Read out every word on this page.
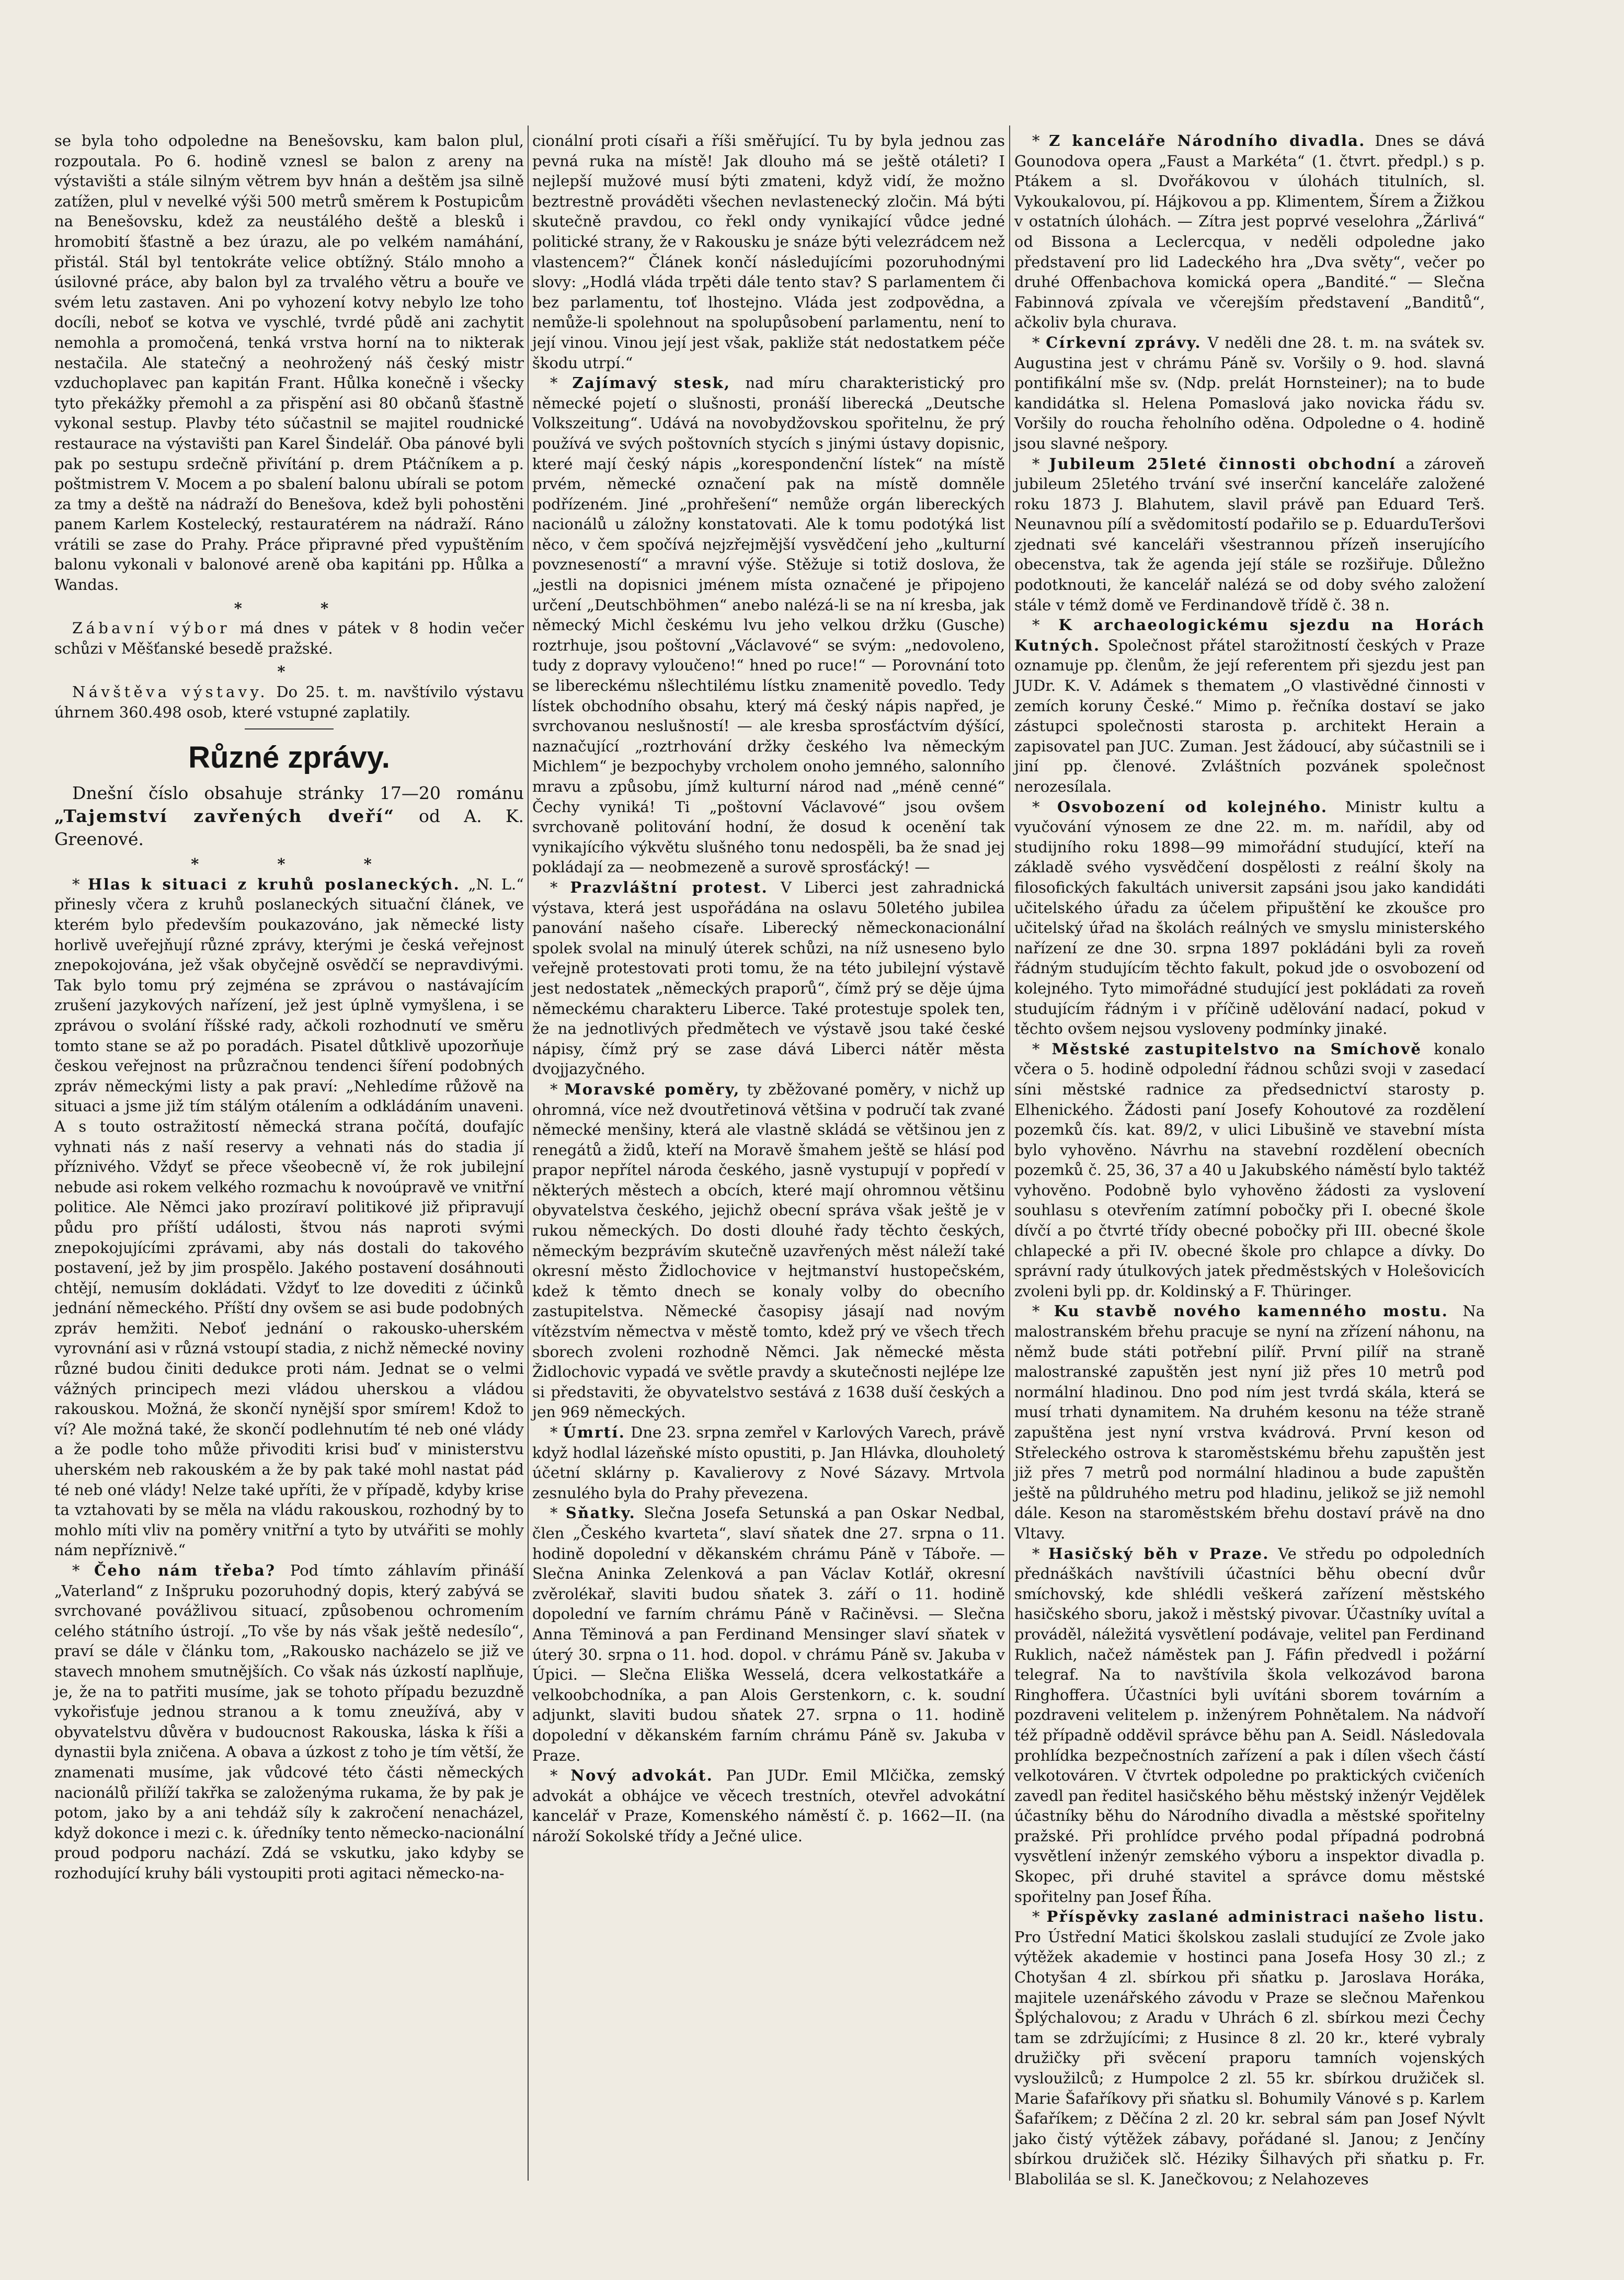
se byla toho odpoledne na Benešovsku, kam balon plul, rozpoutala. Po 6. hodině vznesl se balon z areny na výstavišti a stále silným větrem byv hnán a deštěm jsa silně zatížen, plul v nevelké výši 500 metrů směrem k Postupicům na Benešovsku, kdež za neustálého deště a blesků i hromobití šťastně a bez úrazu, ale po velkém namáhání, přistál. Stál byl tentokráte velice obtížný. Stálo mnoho a úsilovné práce, aby balon byl za trvalého větru a bouře ve svém letu zastaven. Ani po vyhození kotvy nebylo lze toho docíli, neboť se kotva ve vyschlé, tvrdé půdě ani zachytit nemohla a promočená, tenká vrstva horní na to nikterak nestačila. Ale statečný a neohrožený náš český mistr vzduchoplavec pan kapitán Frant. Hůlka konečně i všecky tyto překážky přemohl a za přispění asi 80 občanů šťastně vykonal sestup. Plavby této súčastnil se majitel roudnické restaurace na výstavišti pan Karel Šindelář. Oba pánové byli pak po sestupu srdečně přivítání p. drem Ptáčníkem a p. poštmistrem V. Mocem a po sbalení balonu ubírali se potom za tmy a deště na nádraží do Benešova, kdež byli pohostěni panem Karlem Kostelecký, restauratérem na nádraží. Ráno vrátili se zase do Prahy. Práce připravné před vypuštěním balonu vykonali v balonové areně oba kapitáni pp. Hůlka a Wandas.

* *

Zábavní výbor má dnes v pátek v 8 hodin večer schůzi v Měšťanské besedě pražské.

*

Návštěva výstavy. Do 25. t. m. navštívilo výstavu úhrnem 360.498 osob, které vstupné zaplatily.

Různé zprávy.

Dnešní číslo obsahuje stránky 17—20 románu „Tajemství zavřených dveří“ od A. K. Greenové.

* * *

* Hlas k situaci z kruhů poslaneckých. „N. L.“ přinesly včera z kruhů poslaneckých situační článek, ve kterém bylo především poukazováno, jak německé listy horlivě uveřejňují různé zprávy, kterými je česká veřejnost znepokojována, jež však obyčejně osvědčí se nepravdivými. Tak bylo tomu prý zejména se zprávou o nastávajícím zrušení jazykových nařízení, jež jest úplně vymyšlena, i se zprávou o svolání říšské rady, ačkoli rozhodnutí ve směru tomto stane se až po poradách. Pisatel důtklivě upozorňuje českou veřejnost na průzračnou tendenci šíření podobných zpráv německými listy a pak praví: „Nehledíme růžově na situaci a jsme již tím stálým otálením a odkládáním unaveni. A s touto ostražitostí německá strana počítá, doufajíc vyhnati nás z naší reservy a vehnati nás do stadia jí příznivého. Vždyť se přece všeobecně ví, že rok jubilejní nebude asi rokem velkého rozmachu k novoúpravě ve vnitřní politice. Ale Němci jako prozíraví politikové již připravují půdu pro příští události, štvou nás naproti svými znepokojujícími zprávami, aby nás dostali do takového postavení, jež by jim prospělo. Jakého postavení dosáhnouti chtějí, nemusím dokládati. Vždyť to lze dovediti z účinků jednání německého. Příští dny ovšem se asi bude podobných zpráv hemžiti. Neboť jednání o rakousko-uherském vyrovnání asi v různá vstoupí stadia, z nichž německé noviny různé budou činiti dedukce proti nám. Jednat se o velmi vážných principech mezi vládou uherskou a vládou rakouskou. Možná, že skončí nynější spor smírem! Kdož to ví? Ale možná také, že skončí podlehnutím té neb oné vlády a že podle toho může přivoditi krisi buď v ministerstvu uherském neb rakouském a že by pak také mohl nastat pád té neb oné vlády! Nelze také upříti, že v případě, kdyby krise ta vztahovati by se měla na vládu rakouskou, rozhodný by to mohlo míti vliv na poměry vnitřní a tyto by utvářiti se mohly nám nepříznivě.“

* Čeho nám třeba? Pod tímto záhlavím přináší „Vaterland“ z Inšpruku pozoruhodný dopis, který zabývá se svrchované povážlivou situací, způsobenou ochromením celého státního ústrojí. „To vše by nás však ještě nedesílo“, praví se dále v článku tom, „Rakousko nacházelo se již ve stavech mnohem smutnějších. Co však nás úzkostí naplňuje, je, že na to patřiti musíme, jak se tohoto případu bezuzdně vykořisťuje jednou stranou a k tomu zneužívá, aby v obyvatelstvu důvěra v budoucnost Rakouska, láska k říši a dynastii byla zničena. A obava a úzkost z toho je tím větší, že znamenati musíme, jak vůdcové této části německých nacionálů přilíží takřka se založenýma rukama, že by pak je potom, jako by a ani tehdáž síly k zakročení nenacházel, když dokonce i mezi c. k. úředníky tento německo-nacionální proud podporu nachází. Zdá se vskutku, jako kdyby se rozhodující kruhy báli vystoupiti proti agitaci německo-na-

cionální proti císaři a říši směřující. Tu by byla jednou zas pevná ruka na místě! Jak dlouho má se ještě otáleti? I nejlepší mužové musí býti zmateni, když vidí, že možno beztrestně prováděti všechen nevlastenecký zločin. Má býti skutečně pravdou, co řekl ondy vynikající vůdce jedné politické strany, že v Rakousku je snáze býti velezrádcem než vlastencem?“ Článek končí následujícími pozoruhodnými slovy: „Hodlá vláda trpěti dále tento stav? S parlamentem či bez parlamentu, toť lhostejno. Vláda jest zodpovědna, a nemůže-li spolehnout na spolupůsobení parlamentu, není to její vinou. Vinou její jest však, pakliže stát nedostatkem péče škodu utrpí.“

* Zajímavý stesk, nad míru charakteristický pro německé pojetí o slušnosti, pronáší liberecká „Deutsche Volkszeitung“. Udává na novobydžovskou spořitelnu, že prý používá ve svých poštovních stycích s jinými ústavy dopisnic, které mají český nápis „korespondenční lístek“ na místě prvém, německé označení pak na místě domněle podřízeném. Jiné „prohřešení“ nemůže orgán libereckých nacionálů u záložny konstatovati. Ale k tomu podotýká list něco, v čem spočívá nejzřejmější vysvědčení jeho „kulturní povzneseností“ a mravní výše. Stěžuje si totiž doslova, že „jestli na dopisnici jménem místa označené je připojeno určení „Deutschböhmen“ anebo nalézá-li se na ní kresba, jak německý Michl českému lvu jeho velkou držku (Gusche) roztrhuje, jsou poštovní „Václavové“ se svým: „nedovoleno, tudy z dopravy vyloučeno!“ hned po ruce!“ — Porovnání toto se libereckému nšlechtilému lístku znamenitě povedlo. Tedy lístek obchodního obsahu, který má český nápis napřed, je svrchovanou neslušností! — ale kresba sprosťáctvím dýšící, naznačující „roztrhování držky českého lva německým Michlem“ je bezpochyby vrcholem onoho jemného, salonního mravu a způsobu, jímž kulturní národ nad „méně cenné“ Čechy vyniká! Ti „poštovní Václavové“ jsou ovšem svrchovaně politování hodní, že dosud k ocenění tak vynikajícího výkvětu slušného tonu nedospěli, ba že snad jej pokládají za — neobmezeně a surově sprosťácký! —

* Prazvláštní protest. V Liberci jest zahradnická výstava, která jest uspořádána na oslavu 50letého jubilea panování našeho císaře. Liberecký německonacionální spolek svolal na minulý úterek schůzi, na níž usneseno bylo veřejně protestovati proti tomu, že na této jubilejní výstavě jest nedostatek „německých praporů“, čímž prý se děje újma německému charakteru Liberce. Také protestuje spolek ten, že na jednotlivých předmětech ve výstavě jsou také české nápisy, čímž prý se zase dává Liberci nátěr města dvojjazyčného.

* Moravské poměry, ty zběžované poměry, v nichž up ohromná, více než dvoutřetinová většina v područí tak zvané německé menšiny, která ale vlastně skládá se většinou jen z renegátů a židů, kteří na Moravě šmahem ještě se hlásí pod prapor nepřítel národa českého, jasně vystupují v popředí v některých městech a obcích, které mají ohromnou většinu obyvatelstva českého, jejichž obecní správa však ještě je v rukou německých. Do dosti dlouhé řady těchto českých, německým bezprávím skutečně uzavřených měst náleží také okresní město Židlochovice v hejtmanství hustopečském, kdež k těmto dnech se konaly volby do obecního zastupitelstva. Německé časopisy jásají nad novým vítězstvím němectva v městě tomto, kdež prý ve všech třech sborech zvoleni rozhodně Němci. Jak německé města Židlochovic vypadá ve světle pravdy a skutečnosti nejlépe lze si představiti, že obyvatelstvo sestává z 1638 duší českých a jen 969 německých.

* Úmrtí. Dne 23. srpna zemřel v Karlových Varech, právě když hodlal lázeňské místo opustiti, p. Jan Hlávka, dlouholetý účetní sklárny p. Kavalierovy z Nové Sázavy. Mrtvola zesnulého byla do Prahy převezena.

* Sňatky. Slečna Josefa Setunská a pan Oskar Nedbal, člen „Českého kvarteta“, slaví sňatek dne 27. srpna o 11. hodině dopolední v děkanském chrámu Páně v Táboře. — Slečna Aninka Zelenková a pan Václav Kotlář, okresní zvěrolékař, slaviti budou sňatek 3. září o 11. hodině dopolední ve farním chrámu Páně v Račiněvsi. — Slečna Anna Těminová a pan Ferdinand Mensinger slaví sňatek v úterý 30. srpna o 11. hod. dopol. v chrámu Páně sv. Jakuba v Úpici. — Slečna Eliška Wesselá, dcera velkostatkáře a velkoobchodníka, a pan Alois Gerstenkorn, c. k. soudní adjunkt, slaviti budou sňatek 27. srpna o 11. hodině dopolední v děkanském farním chrámu Páně sv. Jakuba v Praze.

* Nový advokát. Pan JUDr. Emil Mlčička, zemský advokát a obhájce ve věcech trestních, otevřel advokátní kancelář v Praze, Komenského náměstí č. p. 1662—II. (na nároží Sokolské třídy a Ječné ulice.

* Z kanceláře Národního divadla. Dnes se dává Gounodova opera „Faust a Markéta“ (1. čtvrt. předpl.) s p. Ptákem a sl. Dvořákovou v úlohách titulních, sl. Vykoukalovou, pí. Hájkovou a pp. Klimentem, Šírem a Žižkou v ostatních úlohách. — Zítra jest poprvé veselohra „Žárlivá“ od Bissona a Leclercqua, v neděli odpoledne jako představení pro lid Ladeckého hra „Dva světy“, večer po druhé Offenbachova komická opera „Bandité.“ — Slečna Fabinnová zpívala ve včerejším představení „Banditů“, ačkoliv byla churava.

* Církevní zprávy. V neděli dne 28. t. m. na svátek sv. Augustina jest v chrámu Páně sv. Voršily o 9. hod. slavná pontifikální mše sv. (Ndp. prelát Hornsteiner); na to bude kandidátka sl. Helena Pomaslová jako novicka řádu sv. Voršily do roucha řeholního oděna. Odpoledne o 4. hodině jsou slavné nešpory.

* Jubileum 25leté činnosti obchodní a zároveň jubileum 25letého trvání své inserční kanceláře založené roku 1873 J. Blahutem, slavil právě pan Eduard Terš. Neunavnou pílí a svědomitostí podařilo se p. EduarduTeršovi zjednati své kanceláři všestrannou přízeň inserujícího obecenstva, tak že agenda její stále se rozšiřuje. Důležno podotknouti, že kancelář nalézá se od doby svého založení stále v témž domě ve Ferdinandově třídě č. 38 n.

* K archaeologickému sjezdu na Horách Kutných. Společnost přátel starožitností českých v Praze oznamuje pp. členům, že její referentem při sjezdu jest pan JUDr. K. V. Adámek s thematem „O vlastivědné činnosti v zemích koruny České.“ Mimo p. řečníka dostaví se jako zástupci společnosti starosta p. architekt Herain a zapisovatel pan JUC. Zuman. Jest žádoucí, aby súčastnili se i jiní pp. členové. Zvláštních pozvánek společnost nerozesílala.

* Osvobození od kolejného. Ministr kultu a vyučování výnosem ze dne 22. m. m. nařídil, aby od studijního roku 1898—99 mimořádní studující, kteří na základě svého vysvědčení dospělosti z reální školy na filosofických fakultách universit zapsáni jsou jako kandidáti učitelského úřadu za účelem připuštění ke zkoušce pro učitelský úřad na školách reálných ve smyslu ministerského nařízení ze dne 30. srpna 1897 pokládáni byli za roveň řádným studujícím těchto fakult, pokud jde o osvobození od kolejného. Tyto mimořádné studující jest pokládati za roveň studujícím řádným i v příčině udělování nadací, pokud v těchto ovšem nejsou vysloveny podmínky jinaké.

* Městské zastupitelstvo na Smíchově konalo včera o 5. hodině odpolední řádnou schůzi svoji v zasedací síni městské radnice za předsednictví starosty p. Elhenického. Žádosti paní Josefy Kohoutové za rozdělení pozemků čís. kat. 89/2, v ulici Libušině ve stavební místa bylo vyhověno. Návrhu na stavební rozdělení obecních pozemků č. 25, 36, 37 a 40 u Jakubského náměstí bylo taktéž vyhověno. Podobně bylo vyhověno žádosti za vyslovení souhlasu s otevřením zatímní pobočky při I. obecné škole dívčí a po čtvrté třídy obecné pobočky při III. obecné škole chlapecké a při IV. obecné škole pro chlapce a dívky. Do správní rady útulkových jatek předměstských v Holešovicích zvoleni byli pp. dr. Koldinský a F. Thüringer.

* Ku stavbě nového kamenného mostu. Na malostranském břehu pracuje se nyní na zřízení náhonu, na němž bude státi potřební pilíř. První pilíř na straně malostranské zapuštěn jest nyní již přes 10 metrů pod normální hladinou. Dno pod ním jest tvrdá skála, která se musí trhati dynamitem. Na druhém kesonu na téže straně zapuštěna jest nyní vrstva kvádrová. První keson od Střeleckého ostrova k staroměstskému břehu zapuštěn jest již přes 7 metrů pod normální hladinou a bude zapuštěn ještě na půldruhého metru pod hladinu, jelikož se již nemohl dále. Keson na staroměstském břehu dostaví právě na dno Vltavy.

* Hasičský běh v Praze. Ve středu po odpoledních přednáškách navštívili účastníci běhu obecní dvůr smíchovský, kde shlédli veškerá zařízení městského hasičského sboru, jakož i městský pivovar. Účastníky uvítal a prováděl, náležitá vysvětlení podávaje, velitel pan Ferdinand Ruklich, načež náměstek pan J. Fáfin předvedl i požární telegraf. Na to navštívila škola velkozávod barona Ringhoffera. Účastníci byli uvítáni sborem továrním a pozdraveni velitelem p. inženýrem Pohnětalem. Na nádvoří též případně odděvil správce běhu pan A. Seidl. Následovala prohlídka bezpečnostních zařízení a pak i dílen všech částí velkotováren. V čtvrtek odpoledne po praktických cvičeních zavedl pan ředitel hasičského běhu městský inženýr Vejdělek účastníky běhu do Národního divadla a městské spořitelny pražské. Při prohlídce prvého podal případná podrobná vysvětlení inženýr zemského výboru a inspektor divadla p. Skopec, při druhé stavitel a správce domu městské spořitelny pan Josef Říha.

* Příspěvky zaslané administraci našeho listu. Pro Ústřední Matici školskou zaslali studující ze Zvole jako výtěžek akademie v hostinci pana Josefa Hosy 30 zl.; z Chotyšan 4 zl. sbírkou při sňatku p. Jaroslava Horáka, majitele uzenářského závodu v Praze se slečnou Mařenkou Šplýchalovou; z Aradu v Uhrách 6 zl. sbírkou mezi Čechy tam se zdržujícími; z Husince 8 zl. 20 kr., které vybraly družičky při svěcení praporu tamních vojenských vysloužilců; z Humpolce 2 zl. 55 kr. sbírkou družiček sl. Marie Šafaříkovy při sňatku sl. Bohumily Vánové s p. Karlem Šafaříkem; z Děčína 2 zl. 20 kr. sebral sám pan Josef Nývlt jako čistý výtěžek zábavy, pořádané sl. Janou; z Jenčíny sbírkou družiček slč. Héziky Šilhavých při sňatku p. Fr. Blaboliláa se sl. K. Janečkovou; z Nelahozeves
